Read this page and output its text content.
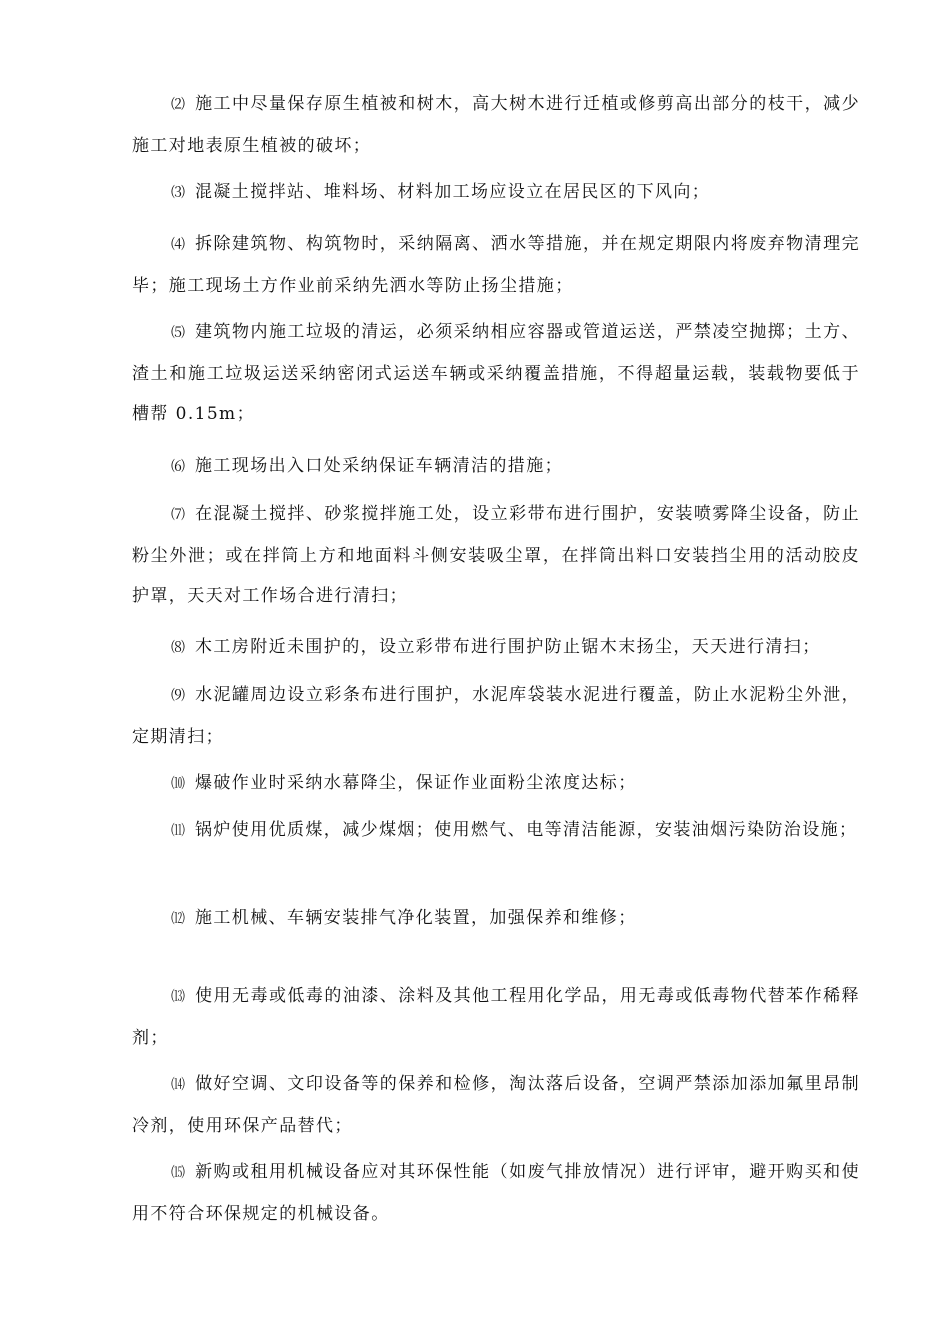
⑵ 施工中尽量保存原生植被和树木，高大树木进行迁植或修剪高出部分的枝干，减少施工对地表原生植被的破坏；

⑶ 混凝土搅拌站、堆料场、材料加工场应设立在居民区的下风向；

⑷ 拆除建筑物、构筑物时，采纳隔离、洒水等措施，并在规定期限内将废弃物清理完毕；施工现场土方作业前采纳先洒水等防止扬尘措施；

⑸ 建筑物内施工垃圾的清运，必须采纳相应容器或管道运送，严禁凌空抛掷；土方、渣土和施工垃圾运送采纳密闭式运送车辆或采纳覆盖措施，不得超量运载，装载物要低于槽帮 0.15m；

⑹ 施工现场出入口处采纳保证车辆清洁的措施；

⑺ 在混凝土搅拌、砂浆搅拌施工处，设立彩带布进行围护，安装喷雾降尘设备，防止粉尘外泄；或在拌筒上方和地面料斗侧安装吸尘罩，在拌筒出料口安装挡尘用的活动胶皮护罩，天天对工作场合进行清扫；

⑻ 木工房附近未围护的，设立彩带布进行围护防止锯木末扬尘，天天进行清扫；

⑼ 水泥罐周边设立彩条布进行围护，水泥库袋装水泥进行覆盖，防止水泥粉尘外泄，定期清扫；

⑽ 爆破作业时采纳水幕降尘，保证作业面粉尘浓度达标；

⑾ 锅炉使用优质煤，减少煤烟；使用燃气、电等清洁能源，安装油烟污染防治设施；

⑿ 施工机械、车辆安装排气净化装置，加强保养和维修；

⒀ 使用无毒或低毒的油漆、涂料及其他工程用化学品，用无毒或低毒物代替苯作稀释剂；

⒁ 做好空调、文印设备等的保养和检修，淘汰落后设备，空调严禁添加添加氟里昂制冷剂，使用环保产品替代；

⒂ 新购或租用机械设备应对其环保性能（如废气排放情况）进行评审，避开购买和使用不符合环保规定的机械设备。
